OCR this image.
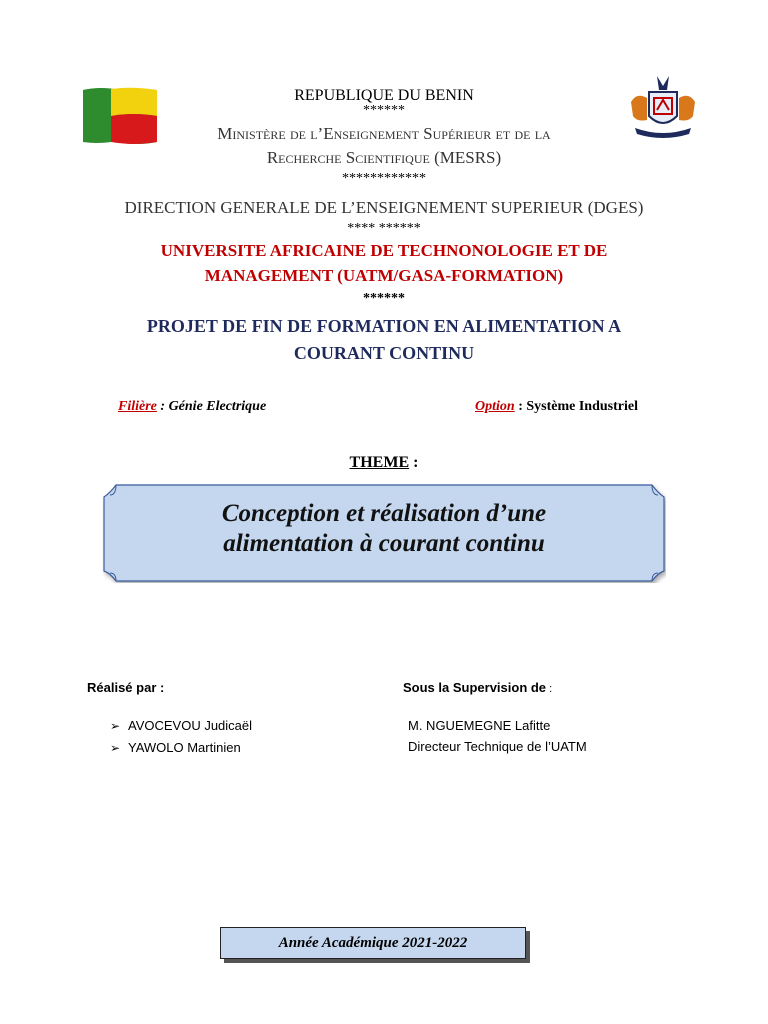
REPUBLIQUE DU BENIN
******
Ministère de l’Enseignement Supérieur et de la
Recherche Scientifique (MESRS)
************
DIRECTION GENERALE DE L’ENSEIGNEMENT SUPERIEUR (DGES)
**** ******
UNIVERSITE AFRICAINE DE TECHNONOLOGIE ET DE
MANAGEMENT (UATM/GASA-FORMATION)
******
PROJET DE FIN DE FORMATION EN ALIMENTATION A
COURANT CONTINU
Filière : Génie Electrique	Option : Système Industriel
THEME :
Conception et réalisation d’une
alimentation à courant continu
Réalisé par :
➢ AVOCEVOU Judicaël
➢ YAWOLO Martinien
Sous la Supervision de :
M. NGUEMEGNE Lafitte
Directeur Technique de l’UATM
Année Académique 2021-2022
